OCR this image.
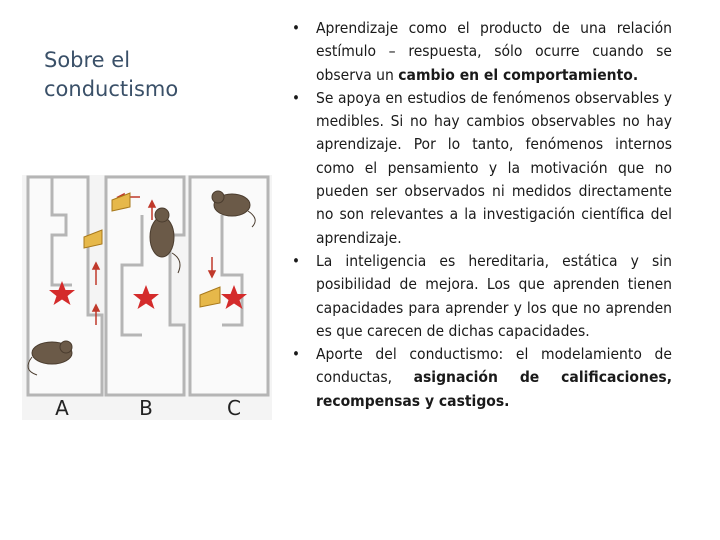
Sobre el conductismo
A	B	C
• Aprendizaje como el producto de una relación estímulo – respuesta, sólo ocurre cuando se observa un cambio en el comportamiento.
• Se apoya en estudios de fenómenos observables y medibles. Si no hay cambios observables no hay aprendizaje. Por lo tanto, fenómenos internos como el pensamiento y la motivación que no pueden ser observados ni medidos directamente no son relevantes a la investigación científica del aprendizaje.
• La inteligencia es hereditaria, estática y sin posibilidad de mejora. Los que aprenden tienen capacidades para aprender y los que no aprenden es que carecen de dichas capacidades.
• Aporte del conductismo: el modelamiento de conductas, asignación de calificaciones, recompensas y castigos.
